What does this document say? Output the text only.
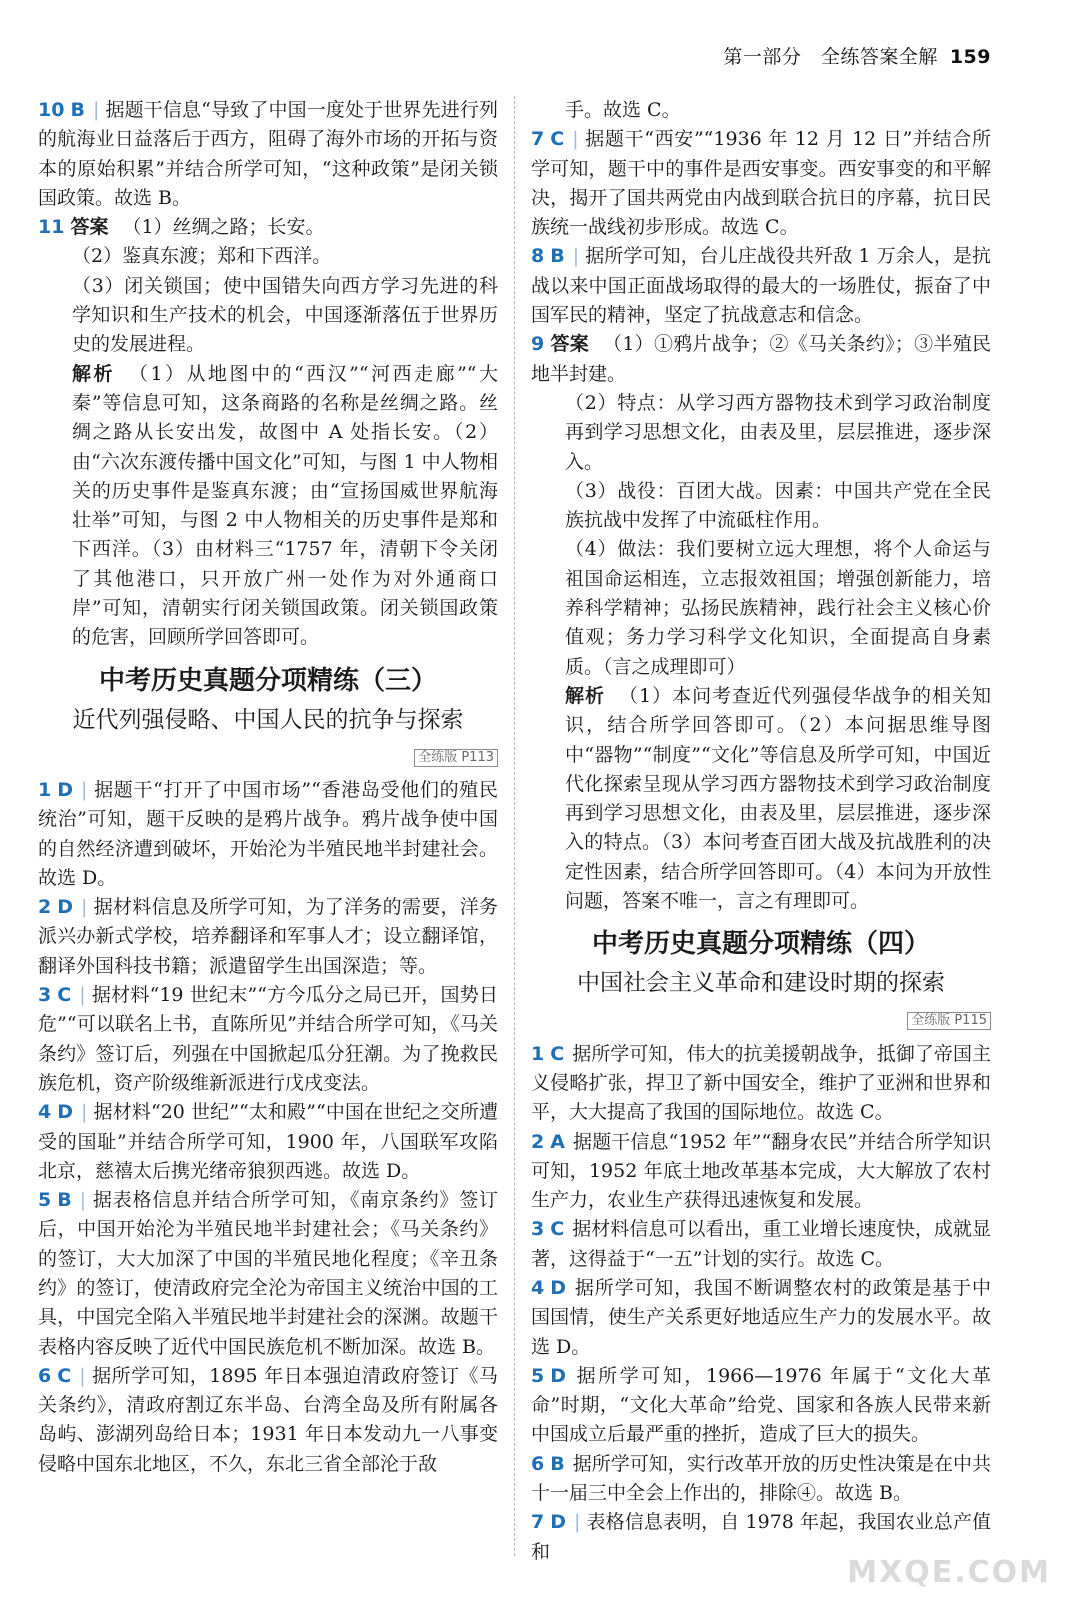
第一部分　全练答案全解 159

10 B | 据题干信息“导致了中国一度处于世界先进行列的航海业日益落后于西方，阻碍了海外市场的开拓与资本的原始积累”并结合所学可知，“这种政策”是闭关锁国政策。故选 B。

11 答案 （1）丝绸之路；长安。

（2）鉴真东渡；郑和下西洋。

（3）闭关锁国；使中国错失向西方学习先进的科学知识和生产技术的机会，中国逐渐落伍于世界历史的发展进程。

解析 （1）从地图中的“西汉”“河西走廊”“大秦”等信息可知，这条商路的名称是丝绸之路。丝绸之路从长安出发，故图中 A 处指长安。（2）由“六次东渡传播中国文化”可知，与图 1 中人物相关的历史事件是鉴真东渡；由“宣扬国威世界航海壮举”可知，与图 2 中人物相关的历史事件是郑和下西洋。（3）由材料三“1757 年，清朝下令关闭了其他港口，只开放广州一处作为对外通商口岸”可知，清朝实行闭关锁国政策。闭关锁国政策的危害，回顾所学回答即可。

中考历史真题分项精练（三）
近代列强侵略、中国人民的抗争与探索
全练版 P113

1 D | 据题干“打开了中国市场”“香港岛受他们的殖民统治”可知，题干反映的是鸦片战争。鸦片战争使中国的自然经济遭到破坏，开始沦为半殖民地半封建社会。故选 D。

2 D | 据材料信息及所学可知，为了洋务的需要，洋务派兴办新式学校，培养翻译和军事人才；设立翻译馆，翻译外国科技书籍；派遣留学生出国深造；等。

3 C | 据材料“19 世纪末”“方今瓜分之局已开，国势日危”“可以联名上书，直陈所见”并结合所学可知，《马关条约》签订后，列强在中国掀起瓜分狂潮。为了挽救民族危机，资产阶级维新派进行戊戌变法。

4 D | 据材料“20 世纪”“太和殿”“中国在世纪之交所遭受的国耻”并结合所学可知，1900 年，八国联军攻陷北京，慈禧太后携光绪帝狼狈西逃。故选 D。

5 B | 据表格信息并结合所学可知，《南京条约》签订后，中国开始沦为半殖民地半封建社会；《马关条约》的签订，大大加深了中国的半殖民地化程度；《辛丑条约》的签订，使清政府完全沦为帝国主义统治中国的工具，中国完全陷入半殖民地半封建社会的深渊。故题干表格内容反映了近代中国民族危机不断加深。故选 B。

6 C | 据所学可知，1895 年日本强迫清政府签订《马关条约》，清政府割辽东半岛、台湾全岛及所有附属各岛屿、澎湖列岛给日本；1931 年日本发动九一八事变侵略中国东北地区，不久，东北三省全部沦于敌

手。故选 C。

7 C | 据题干“西安”“1936 年 12 月 12 日”并结合所学可知，题干中的事件是西安事变。西安事变的和平解决，揭开了国共两党由内战到联合抗日的序幕，抗日民族统一战线初步形成。故选 C。

8 B | 据所学可知，台儿庄战役共歼敌 1 万余人，是抗战以来中国正面战场取得的最大的一场胜仗，振奋了中国军民的精神，坚定了抗战意志和信念。

9 答案 （1）①鸦片战争；②《马关条约》；③半殖民地半封建。

（2）特点：从学习西方器物技术到学习政治制度再到学习思想文化，由表及里，层层推进，逐步深入。

（3）战役：百团大战。因素：中国共产党在全民族抗战中发挥了中流砥柱作用。

（4）做法：我们要树立远大理想，将个人命运与祖国命运相连，立志报效祖国；增强创新能力，培养科学精神；弘扬民族精神，践行社会主义核心价值观；务力学习科学文化知识，全面提高自身素质。（言之成理即可）

解析 （1）本问考查近代列强侵华战争的相关知识，结合所学回答即可。（2）本问据思维导图中“器物”“制度”“文化”等信息及所学可知，中国近代化探索呈现从学习西方器物技术到学习政治制度再到学习思想文化，由表及里，层层推进，逐步深入的特点。（3）本问考查百团大战及抗战胜利的决定性因素，结合所学回答即可。（4）本问为开放性问题，答案不唯一，言之有理即可。

中考历史真题分项精练（四）
中国社会主义革命和建设时期的探索
全练版 P115

1 C 据所学可知，伟大的抗美援朝战争，抵御了帝国主义侵略扩张，捍卫了新中国安全，维护了亚洲和世界和平，大大提高了我国的国际地位。故选 C。

2 A 据题干信息“1952 年”“翻身农民”并结合所学知识可知，1952 年底土地改革基本完成，大大解放了农村生产力，农业生产获得迅速恢复和发展。

3 C 据材料信息可以看出，重工业增长速度快，成就显著，这得益于“一五”计划的实行。故选 C。

4 D 据所学可知，我国不断调整农村的政策是基于中国国情，使生产关系更好地适应生产力的发展水平。故选 D。

5 D 据所学可知，1966—1976 年属于“文化大革命”时期，“文化大革命”给党、国家和各族人民带来新中国成立后最严重的挫折，造成了巨大的损失。

6 B 据所学可知，实行改革开放的历史性决策是在中共十一届三中全会上作出的，排除④。故选 B。

7 D | 表格信息表明，自 1978 年起，我国农业总产值和

MXQE.COM
